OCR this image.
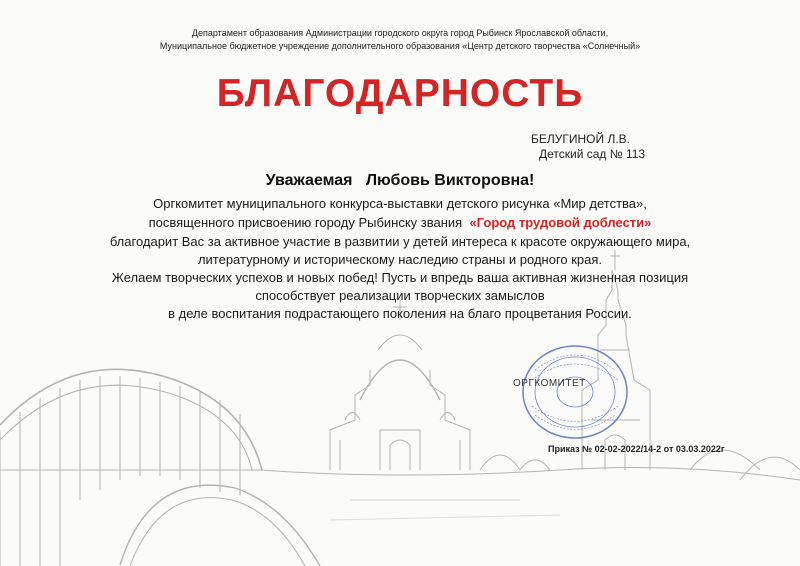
Департамент образования Администрации городского округа город Рыбинск Ярославской области,
Муниципальное бюджетное учреждение дополнительного образования «Центр детского творчества «Солнечный»
БЛАГОДАРНОСТЬ
БЕЛУГИНОЙ Л.В.
Детский сад № 113
Уважаемая   Любовь Викторовна!
Оргкомитет муниципального конкурса-выставки детского рисунка «Мир детства»,
посвященного присвоению городу Рыбинску звания  «Город трудовой доблести»
благодарит Вас за активное участие в развитии у детей интереса к красоте окружающего мира,
литературному и историческому наследию страны и родного края.
Желаем творческих успехов и новых побед! Пусть и впредь ваша активная жизненная позиция
способствует реализации творческих замыслов
в деле воспитания подрастающего поколения на благо процветания России.
ОРГКОМИТЕТ
Приказ № 02-02-2022/14-2 от 03.03.2022г
